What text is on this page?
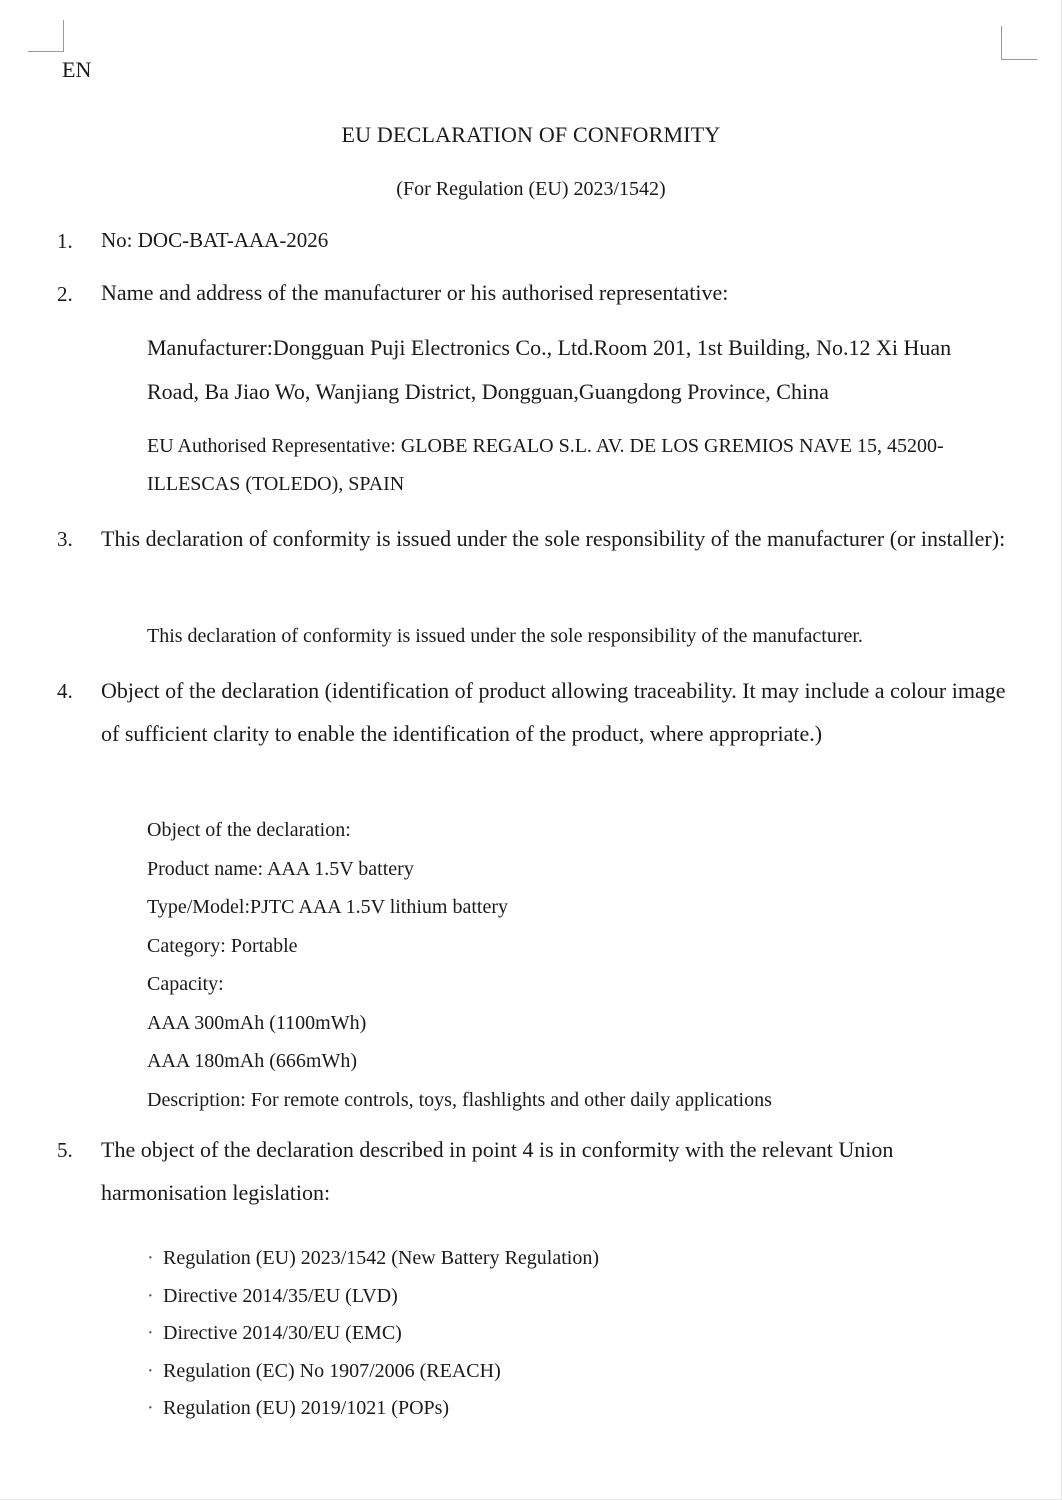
EN
EU DECLARATION OF CONFORMITY
(For Regulation (EU) 2023/1542)
1. No: DOC-BAT-AAA-2026
2. Name and address of the manufacturer or his authorised representative:
Manufacturer:Dongguan Puji Electronics Co., Ltd.Room 201, 1st Building, No.12 Xi Huan Road, Ba Jiao Wo, Wanjiang District, Dongguan,Guangdong Province, China
EU Authorised Representative: GLOBE REGALO S.L. AV. DE LOS GREMIOS NAVE 15, 45200-ILLESCAS (TOLEDO), SPAIN
3. This declaration of conformity is issued under the sole responsibility of the manufacturer (or installer):
This declaration of conformity is issued under the sole responsibility of the manufacturer.
4. Object of the declaration (identification of product allowing traceability. It may include a colour image of sufficient clarity to enable the identification of the product, where appropriate.)
Object of the declaration:
Product name: AAA 1.5V battery
Type/Model:PJTC AAA 1.5V lithium battery
Category: Portable
Capacity:
AAA 300mAh (1100mWh)
AAA 180mAh (666mWh)
Description: For remote controls, toys, flashlights and other daily applications
5. The object of the declaration described in point 4 is in conformity with the relevant Union harmonisation legislation:
· Regulation (EU) 2023/1542 (New Battery Regulation)
· Directive 2014/35/EU (LVD)
· Directive 2014/30/EU (EMC)
· Regulation (EC) No 1907/2006 (REACH)
· Regulation (EU) 2019/1021 (POPs)
